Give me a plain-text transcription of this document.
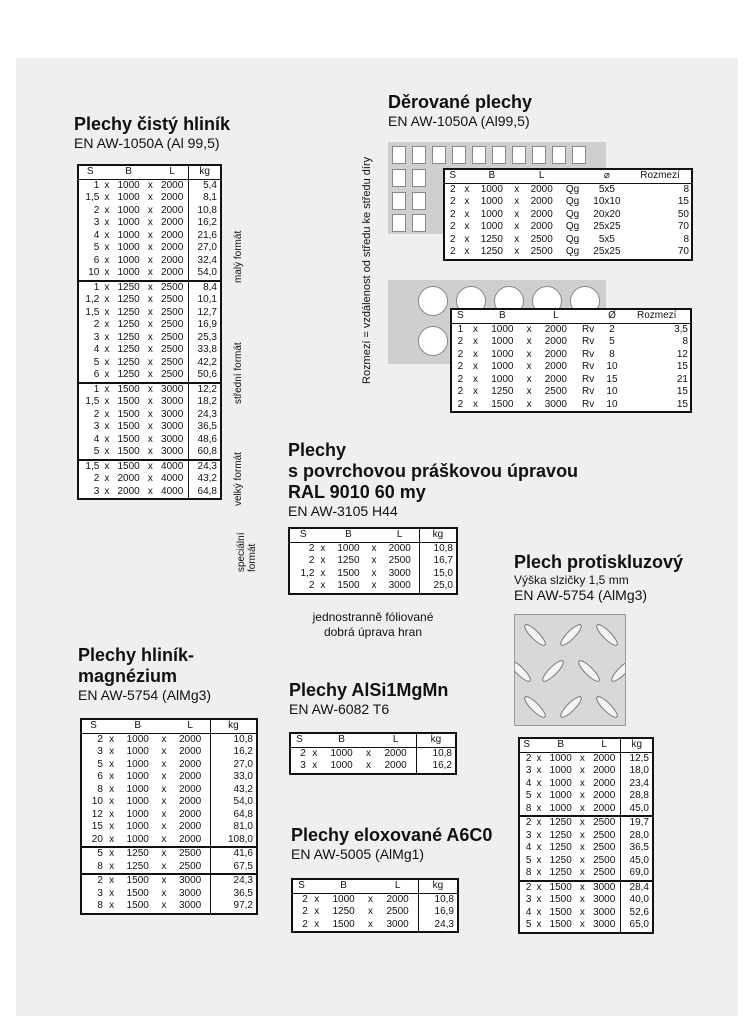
Plechy čistý hliník
EN AW-1050A (Al 99,5)
S		B		L	kg
1	x	1000	x	2000	5,4
1,5	x	1000	x	2000	8,1
2	x	1000	x	2000	10,8
3	x	1000	x	2000	16,2
4	x	1000	x	2000	21,6
5	x	1000	x	2000	27,0
6	x	1000	x	2000	32,4
10	x	1000	x	2000	54,0
1	x	1250	x	2500	8,4
1,2	x	1250	x	2500	10,1
1,5	x	1250	x	2500	12,7
2	x	1250	x	2500	16,9
3	x	1250	x	2500	25,3
4	x	1250	x	2500	33,8
5	x	1250	x	2500	42,2
6	x	1250	x	2500	50,6
1	x	1500	x	3000	12,2
1,5	x	1500	x	3000	18,2
2	x	1500	x	3000	24,3
3	x	1500	x	3000	36,5
4	x	1500	x	3000	48,6
5	x	1500	x	3000	60,8
1,5	x	1500	x	4000	24,3
2	x	2000	x	4000	43,2
3	x	2000	x	4000	64,8
malý formát
střední formát
velký formát
speciální formát
Děrované plechy
EN AW-1050A (Al99,5)
Rozmezí = vzdálenost od středu ke středu díry	S		B		L		⌀	Rozmezí
2	x	1000	x	2000	Qg	5x5	8
2	x	1000	x	2000	Qg	10x10	15
2	x	1000	x	2000	Qg	20x20	50
2	x	1000	x	2000	Qg	25x25	70
2	x	1250	x	2500	Qg	5x5	8
2	x	1250	x	2500	Qg	25x25	70
S		B		L		Ø	Rozmezí
1	x	1000	x	2000	Rv	2	3,5
2	x	1000	x	2000	Rv	5	8
2	x	1000	x	2000	Rv	8	12
2	x	1000	x	2000	Rv	10	15
2	x	1000	x	2000	Rv	15	21
2	x	1250	x	2500	Rv	10	15
2	x	1500	x	3000	Rv	10	15
Plechy
s povrchovou práškovou úpravou
RAL 9010 60 my
EN AW-3105 H44
S		B		L	kg
2	x	1000	x	2000	10,8
2	x	1250	x	2500	16,7
1,2	x	1500	x	3000	15,0
2	x	1500	x	3000	25,0
jednostranně fóliované
dobrá úprava hran
Plech protiskluzový
Výška slzičky 1,5 mm
EN AW-5754 (AlMg3)
S		B		L	kg
2	x	1000	x	2000	12,5
3	x	1000	x	2000	18,0
4	x	1000	x	2000	23,4
5	x	1000	x	2000	28,8
8	x	1000	x	2000	45,0
2	x	1250	x	2500	19,7
3	x	1250	x	2500	28,0
4	x	1250	x	2500	36,5
5	x	1250	x	2500	45,0
8	x	1250	x	2500	69,0
2	x	1500	x	3000	28,4
3	x	1500	x	3000	40,0
4	x	1500	x	3000	52,6
5	x	1500	x	3000	65,0
Plechy hliník-
magnézium
EN AW-5754 (AlMg3)
S		B		L	kg
2	x	1000	x	2000	10,8
3	x	1000	x	2000	16,2
5	x	1000	x	2000	27,0
6	x	1000	x	2000	33,0
8	x	1000	x	2000	43,2
10	x	1000	x	2000	54,0
12	x	1000	x	2000	64,8
15	x	1000	x	2000	81,0
20	x	1000	x	2000	108,0
5	x	1250	x	2500	41,6
8	x	1250	x	2500	67,5
2	x	1500	x	3000	24,3
3	x	1500	x	3000	36,5
8	x	1500	x	3000	97,2
Plechy AlSi1MgMn
EN AW-6082 T6
S		B		L	kg
2	x	1000	x	2000	10,8
3	x	1000	x	2000	16,2
Plechy eloxované A6C0
EN AW-5005 (AlMg1)
S		B		L	kg
2	x	1000	x	2000	10,8
2	x	1250	x	2500	16,9
2	x	1500	x	3000	24,3
